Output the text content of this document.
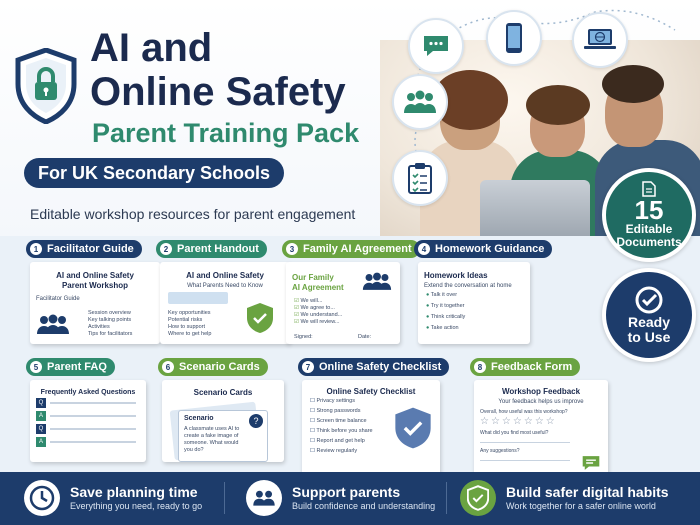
AI and
Online Safety
Parent Training Pack
For UK Secondary Schools
Editable workshop resources for parent engagement
1 Facilitator Guide
AI and Online Safety
Parent Workshop
Facilitator Guide
Session overview
Key talking points
Activities
Tips for facilitators
2 Parent Handout
AI and Online Safety
What Parents Need to Know
Key opportunities
Potential risks
How to support
Where to get help
3 Family AI Agreement
Our Family
AI Agreement
☑ We will...
☑ We agree to...
☑ We understand...
☑ We will review...
Signed:	Date:
4 Homework Guidance
Homework Ideas
Extend the conversation at home
● Talk it over
● Try it together
● Think critically
● Take action
5 Parent FAQ
Frequently Asked Questions
Q
A
Q
A
6 Scenario Cards
Scenario Cards
Scenario
A classmate uses AI to create a fake image of someone. What would you do?
?
7 Online Safety Checklist
Online Safety Checklist
☐ Privacy settings
☐ Strong passwords
☐ Screen time balance
☐ Think before you share
☐ Report and get help
☐ Review regularly
8 Feedback Form
Workshop Feedback
Your feedback helps us improve
Overall, how useful was this workshop?
☆☆☆☆☆☆☆
What did you find most useful?
Any suggestions?
15
Editable
Documents
Ready
to Use
Save planning time
Everything you need, ready to go
Support parents
Build confidence and understanding
Build safer digital habits
Work together for a safer online world
